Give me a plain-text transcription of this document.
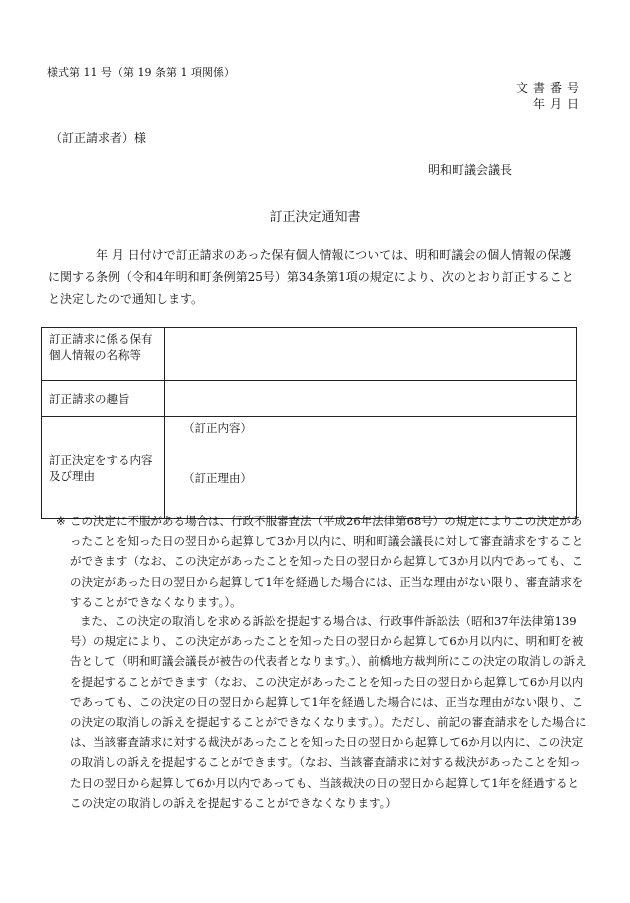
様式第 11 号（第 19 条第 1 項関係）
文書番号
年月日
（訂正請求者）様
明和町議会議長
訂正決定通知書
年 月 日付けで訂正請求のあった保有個人情報については、明和町議会の個人情報の保護に関する条例（令和4年明和町条例第25号）第34条第1項の規定により、次のとおり訂正することと決定したので通知します。
訂正請求に係る保有個人情報の名称等	
訂正請求の趣旨	
訂正決定をする内容及び理由	（訂正内容）
（訂正理由）
※ この決定に不服がある場合は、行政不服審査法（平成26年法律第68号）の規定によりこの決定があったことを知った日の翌日から起算して3か月以内に、明和町議会議長に対して審査請求をすることができます（なお、この決定があったことを知った日の翌日から起算して3か月以内であっても、この決定があった日の翌日から起算して1年を経過した場合には、正当な理由がない限り、審査請求をすることができなくなります。）。
また、この決定の取消しを求める訴訟を提起する場合は、行政事件訴訟法（昭和37年法律第139号）の規定により、この決定があったことを知った日の翌日から起算して6か月以内に、明和町を被告として（明和町議会議長が被告の代表者となります。）、前橋地方裁判所にこの決定の取消しの訴えを提起することができます（なお、この決定があったことを知った日の翌日から起算して6か月以内であっても、この決定の日の翌日から起算して1年を経過した場合には、正当な理由がない限り、この決定の取消しの訴えを提起することができなくなります。）。ただし、前記の審査請求をした場合には、当該審査請求に対する裁決があったことを知った日の翌日から起算して6か月以内に、この決定の取消しの訴えを提起することができます。（なお、当該審査請求に対する裁決があったことを知った日の翌日から起算して6か月以内であっても、当該裁決の日の翌日から起算して1年を経過するとこの決定の取消しの訴えを提起することができなくなります。）
